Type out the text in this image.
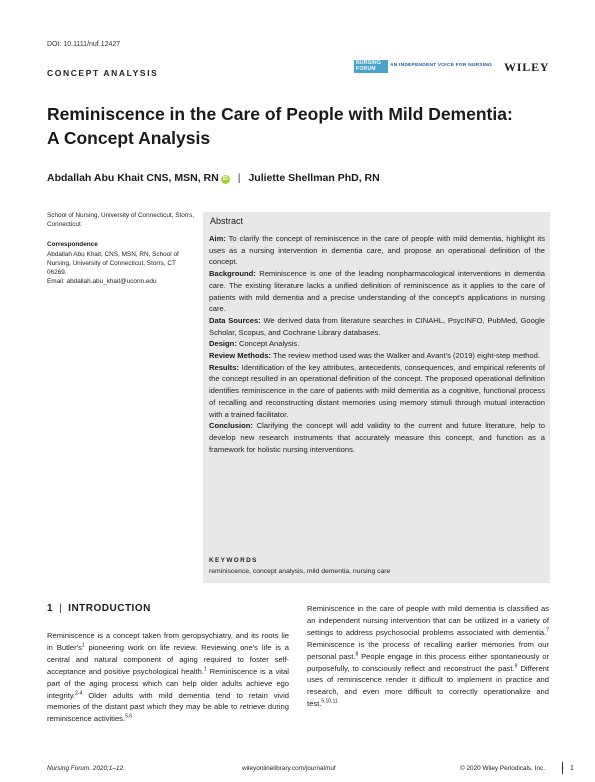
DOI: 10.1111/nuf.12427
CONCEPT ANALYSIS
NURSING
FORUM
AN INDEPENDENT VOICE FOR NURSING WILEY
Reminiscence in the Care of People with Mild Dementia:
A Concept Analysis
Abdallah Abu Khait CNS, MSN, RN iD | Juliette Shellman PhD, RN
School of Nursing, University of Connecticut, Storrs, Connecticut
Correspondence
Abdallah Abu Khait, CNS, MSN, RN, School of Nursing, University of Connecticut, Storrs, CT 06269.
Email: abdallah.abu_khait@uconn.edu
Abstract

Aim: To clarify the concept of reminiscence in the care of people with mild dementia, highlight its uses as a nursing intervention in dementia care, and propose an operational definition of the concept.

Background: Reminiscence is one of the leading nonpharmacological interventions in dementia care. The existing literature lacks a unified definition of reminiscence as it applies to the care of patients with mild dementia and a precise understanding of the concept's applications in nursing care.

Data Sources: We derived data from literature searches in CINAHL, PsycINFO, PubMed, Google Scholar, Scopus, and Cochrane Library databases.

Design: Concept Analysis.

Review Methods: The review method used was the Walker and Avant's (2019) eight-step method.

Results: Identification of the key attributes, antecedents, consequences, and empirical referents of the concept resulted in an operational definition of the concept. The proposed operational definition identifies reminiscence in the care of patients with mild dementia as a cognitive, functional process of recalling and reconstructing distant memories using memory stimuli through mutual interaction with a trained facilitator.

Conclusion: Clarifying the concept will add validity to the current and future literature, help to develop new research instruments that accurately measure this concept, and function as a framework for holistic nursing interventions.

KEYWORDS
reminiscence, concept analysis, mild dementia, nursing care
1 | INTRODUCTION
Reminiscence is a concept taken from geropsychiatry, and its roots lie in $Butler's^1$ pioneering work on life review. Reviewing one's life is a central and natural component of aging required to foster self-acceptance and positive psychological health.$^1$ Reminiscence is a vital part of the aging process which can help older adults achieve ego integrity.$^{2-4}$ Older adults with mild dementia tend to retain vivid memories of the distant past which they may be able to retrieve during reminiscence activities.$^{5,6}$
Reminiscence in the care of people with mild dementia is classified as an independent nursing intervention that can be utilized in a variety of settings to address psychosocial problems associated with dementia.$^7$ Reminiscence is the process of recalling earlier memories from our personal past.$^8$ People engage in this process either spontaneously or purposefully, to consciously reflect and reconstruct the past.$^9$ Different uses of reminiscence render it difficult to implement in practice and research, and even more difficult to correctly operationalize and test.$^{5,10,11}$
Nursing Forum. 2020;1–12.	wileyonlinelibrary.com/journal/nuf	© 2020 Wiley Periodicals, Inc.	1
